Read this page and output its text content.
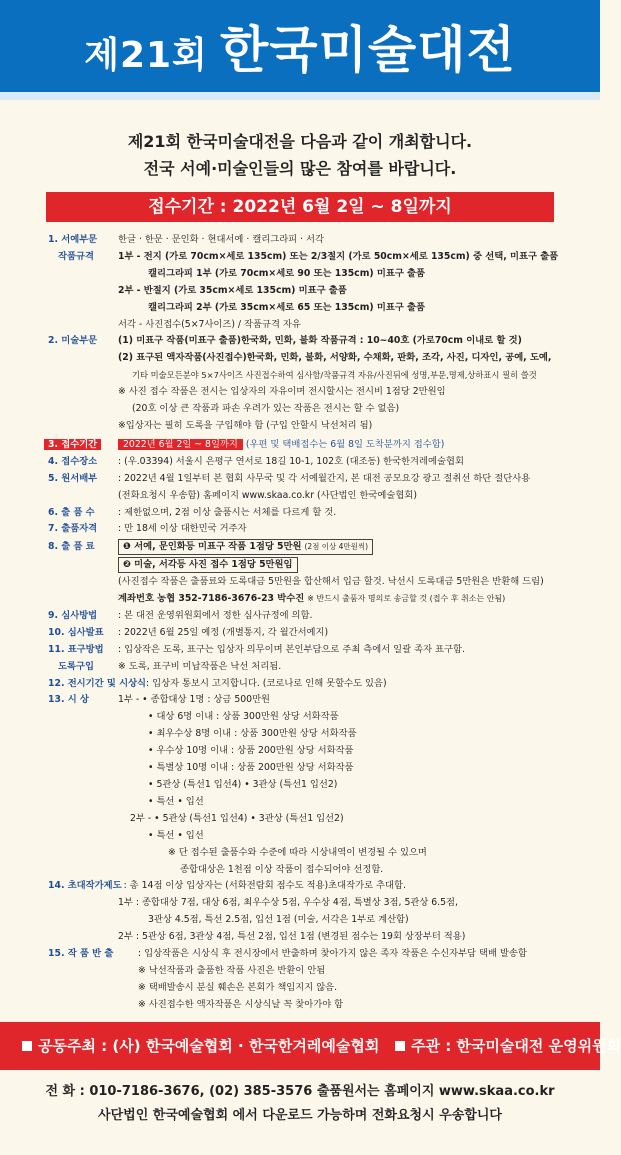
제21회 한국미술대전
제21회 한국미술대전을 다음과 같이 개최합니다.
전국 서예·미술인들의 많은 참여를 바랍니다.
접수기간 : 2022년 6월 2일 ~ 8일까지
1. 서예부문	한글 · 한문 · 문인화 · 현대서예 · 캘리그라피 · 서각
작품규격	1부 - 전지 (가로 70cm×세로 135cm) 또는 2/3절지 (가로 50cm×세로 135cm) 중 선택, 미표구 출품
캘리그라피 1부 (가로 70cm×세로 90 또는 135cm) 미표구 출품
2부 - 반절지 (가로 35cm×세로 135cm) 미표구 출품
캘리그라피 2부 (가로 35cm×세로 65 또는 135cm) 미표구 출품
서각 - 사진접수(5×7사이즈) / 작품규격 자유
2. 미술부문	(1) 미표구 작품(미표구 출품)한국화, 민화, 불화 작품규격 : 10~40호 (가로70cm 이내로 할 것)
(2) 표구된 액자작품(사진접수)한국화, 민화, 불화, 서양화, 수채화, 판화, 조각, 사진, 디자인, 공예, 도예,
기타 미술모든분야 5×7사이즈 사진접수하여 심사함/작품규격 자유/사진뒤에 성명,부문,명제,상하표시 필히 쓸것
※ 사진 접수 작품은 전시는 입상자의 자유이며 전시할시는 전시비 1점당 2만원임
(20호 이상 큰 작품과 파손 우려가 있는 작품은 전시는 할 수 없음)
※입상자는 필히 도록을 구입해야 함 (구입 안할시 낙선처리 됨)
3. 접수기간	2022년 6월 2일 ~ 8일까지 (우편 및 택배접수는 6월 8일 도착분까지 접수함)
4. 접수장소	: (우.03394) 서울시 은평구 연서로 18길 10-1, 102호 (대조동) 한국한겨레예술협회
5. 원서배부	: 2022년 4월 1일부터 본 협회 사무국 및 각 서예월간지, 본 대전 공모요강 광고 절취선 하단 절단사용
(전화요청시 우송함) 홈페이지 www.skaa.co.kr (사단법인 한국예술협회)
6. 출 품 수	: 제한없으며, 2점 이상 출품시는 서체를 다르게 할 것.
7. 출품자격	: 만 18세 이상 대한민국 거주자
8. 출 품 료	❶ 서예, 문인화등 미표구 작품 1점당 5만원 (2점 이상 4만원씩)
❷ 미술, 서각등 사진 접수 1점당 5만원임
(사진접수 작품은 출품료와 도록대금 5만원을 합산해서 입금 할것. 낙선시 도록대금 5만원은 반환해 드림)
계좌번호 농협 352-7186-3676-23 박수진 ※ 반드시 출품자 명의로 송금할 것 (접수 후 취소는 안됨)
9. 심사방법	: 본 대전 운영위원회에서 정한 심사규정에 의함.
10. 심사발표	: 2022년 6월 25일 예정 (개별통지, 각 월간서예지)
11. 표구방법	: 입상작은 도록, 표구는 입상자 의무이며 본인부담으로 주최 측에서 일괄 족자 표구함.
도록구입	※ 도록, 표구비 미납작품은 낙선 처리됨.
12. 전시기간 및 시상식 : 입상자 통보시 고지합니다. (코로나로 인해 못할수도 있음)
13. 시 상	1부 - • 종합대상 1명 : 상금 500만원
• 대상 6명 이내 : 상품 300만원 상당 서화작품
• 최우수상 8명 이내 : 상품 300만원 상당 서화작품
• 우수상 10명 이내 : 상품 200만원 상당 서화작품
• 특별상 10명 이내 : 상품 200만원 상당 서화작품
• 5관상 (특선1 입선4) • 3관상 (특선1 입선2)
• 특선 • 입선
2부 - • 5관상 (특선1 입선4) • 3관상 (특선1 입선2)
• 특선 • 입선
※ 단 접수된 출품수와 수준에 따라 시상내역이 변경될 수 있으며
종합대상은 1천점 이상 작품이 접수되어야 선정함.
14. 초대작가제도 : 총 14점 이상 입상자는 (서화전람회 점수도 적용)초대작가로 추대함.
1부 : 종합대상 7점, 대상 6점, 최우수상 5점, 우수상 4점, 특별상 3점, 5관상 6.5점,
3관상 4.5점, 특선 2.5점, 입선 1점 (미술, 서각은 1부로 계산함)
2부 : 5관상 6점, 3관상 4점, 특선 2점, 입선 1점 (변경된 점수는 19회 상장부터 적용)
15. 작 품 반 출	: 입상작품은 시상식 후 전시장에서 반출하며 찾아가지 않은 족자 작품은 수신자부담 택배 발송함
※ 낙선작품과 출품한 작품 사진은 반환이 안됨
※ 택배발송시 분실 훼손은 본회가 책임지지 않음.
※ 사진접수한 액자작품은 시상식날 꼭 찾아가야 함
공동주최 : (사) 한국예술협회 · 한국한겨레예술협회 주관 : 한국미술대전 운영위원회
전 화 : 010-7186-3676, (02) 385-3576 출품원서는 홈페이지 www.skaa.co.kr
사단법인 한국예술협회 에서 다운로드 가능하며 전화요청시 우송합니다
